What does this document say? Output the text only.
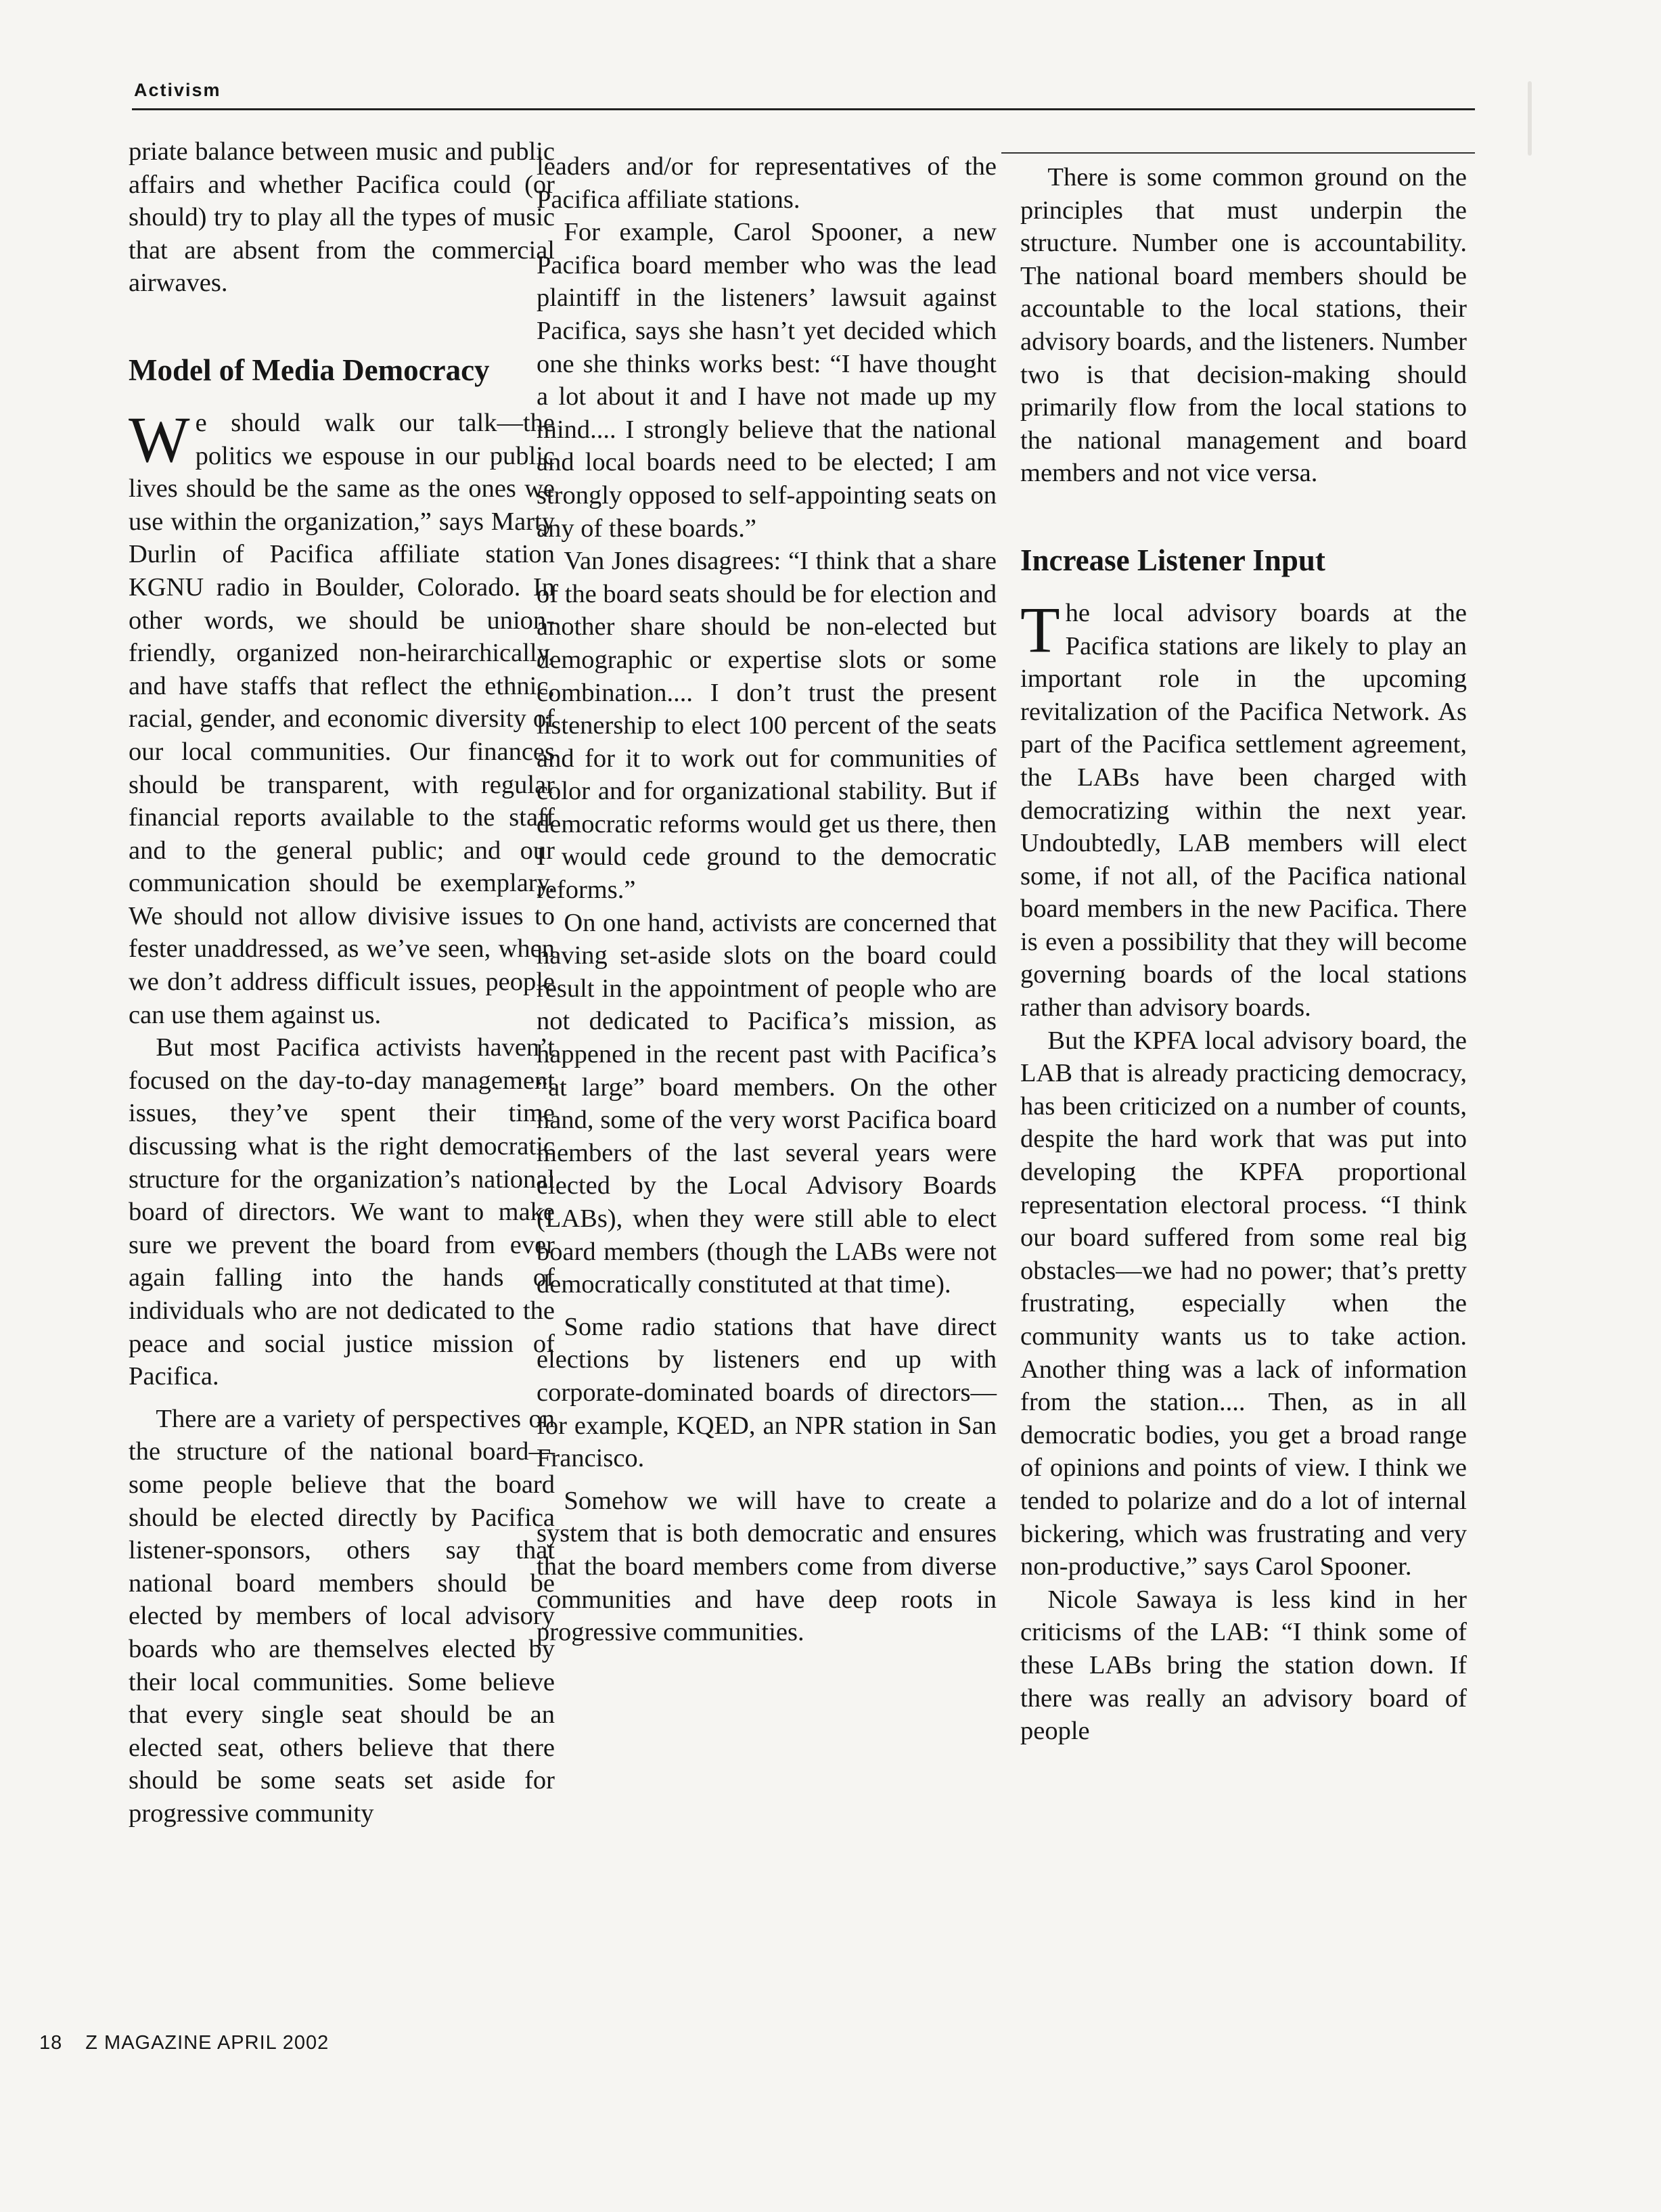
Activism

priate balance between music and public affairs and whether Pacifica could (or should) try to play all the types of music that are absent from the commercial airwaves.

Model of Media Democracy

We should walk our talk—the politics we espouse in our public lives should be the same as the ones we use within the organization,” says Marty Durlin of Pacifica affiliate station KGNU radio in Boulder, Colorado. In other words, we should be union-friendly, organized non-heirarchically, and have staffs that reflect the ethnic, racial, gender, and economic diversity of our local communities. Our finances should be transparent, with regular financial reports available to the staff and to the general public; and our communication should be exemplary. We should not allow divisive issues to fester unaddressed, as we’ve seen, when we don’t address difficult issues, people can use them against us.

But most Pacifica activists haven’t focused on the day-to-day management issues, they’ve spent their time discussing what is the right democratic structure for the organization’s national board of directors. We want to make sure we prevent the board from ever again falling into the hands of individuals who are not dedicated to the peace and social justice mission of Pacifica.

There are a variety of perspectives on the structure of the national board—some people believe that the board should be elected directly by Pacifica listener-sponsors, others say that national board members should be elected by members of local advisory boards who are themselves elected by their local communities. Some believe that every single seat should be an elected seat, others believe that there should be some seats set aside for progressive community

leaders and/or for representatives of the Pacifica affiliate stations.

For example, Carol Spooner, a new Pacifica board member who was the lead plaintiff in the listeners’ lawsuit against Pacifica, says she hasn’t yet decided which one she thinks works best: “I have thought a lot about it and I have not made up my mind.... I strongly believe that the national and local boards need to be elected; I am strongly opposed to self-appointing seats on any of these boards.”

Van Jones disagrees: “I think that a share of the board seats should be for election and another share should be non-elected but demographic or expertise slots or some combination.... I don’t trust the present listenership to elect 100 percent of the seats and for it to work out for communities of color and for organizational stability. But if democratic reforms would get us there, then I would cede ground to the democratic reforms.”

On one hand, activists are concerned that having set-aside slots on the board could result in the appointment of people who are not dedicated to Pacifica’s mission, as happened in the recent past with Pacifica’s “at large” board members. On the other hand, some of the very worst Pacifica board members of the last several years were elected by the Local Advisory Boards (LABs), when they were still able to elect board members (though the LABs were not democratically constituted at that time).

Some radio stations that have direct elections by listeners end up with corporate-dominated boards of directors—for example, KQED, an NPR station in San Francisco.

Somehow we will have to create a system that is both democratic and ensures that the board members come from diverse communities and have deep roots in progressive communities.

There is some common ground on the principles that must underpin the structure. Number one is accountability. The national board members should be accountable to the local stations, their advisory boards, and the listeners. Number two is that decision-making should primarily flow from the local stations to the national management and board members and not vice versa.

Increase Listener Input

The local advisory boards at the Pacifica stations are likely to play an important role in the upcoming revitalization of the Pacifica Network. As part of the Pacifica settlement agreement, the LABs have been charged with democratizing within the next year. Undoubtedly, LAB members will elect some, if not all, of the Pacifica national board members in the new Pacifica. There is even a possibility that they will become governing boards of the local stations rather than advisory boards.

But the KPFA local advisory board, the LAB that is already practicing democracy, has been criticized on a number of counts, despite the hard work that was put into developing the KPFA proportional representation electoral process. “I think our board suffered from some real big obstacles—we had no power; that’s pretty frustrating, especially when the community wants us to take action. Another thing was a lack of information from the station.... Then, as in all democratic bodies, you get a broad range of opinions and points of view. I think we tended to polarize and do a lot of internal bickering, which was frustrating and very non-productive,” says Carol Spooner.

Nicole Sawaya is less kind in her criticisms of the LAB: “I think some of these LABs bring the station down. If there was really an advisory board of people

18 Z MAGAZINE APRIL 2002
